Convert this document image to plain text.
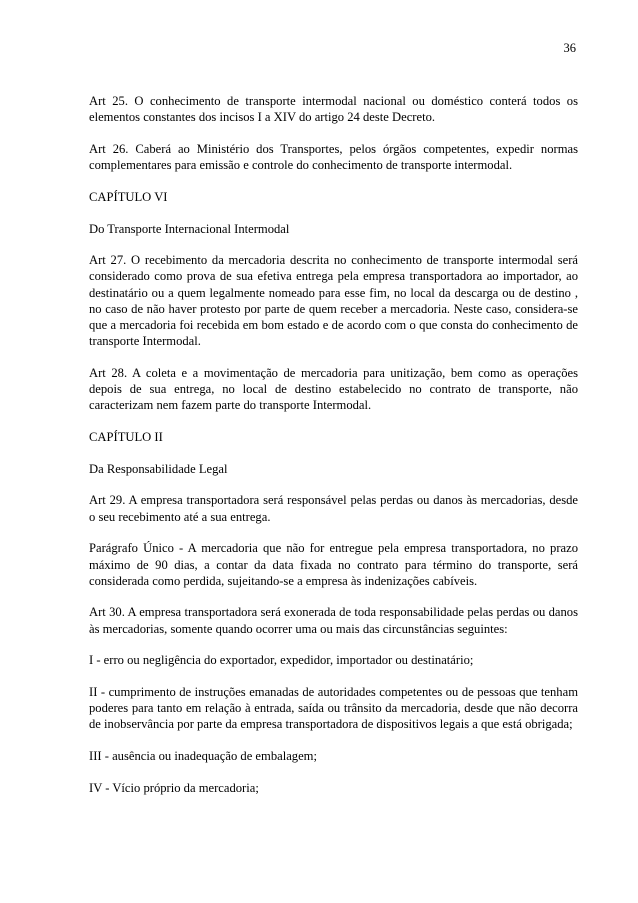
36

Art 25. O conhecimento de transporte intermodal nacional ou doméstico conterá todos os elementos constantes dos incisos I a XIV do artigo 24 deste Decreto.

Art 26. Caberá ao Ministério dos Transportes, pelos órgãos competentes, expedir normas complementares para emissão e controle do conhecimento de transporte intermodal.

CAPÍTULO VI

Do Transporte Internacional Intermodal

Art 27. O recebimento da mercadoria descrita no conhecimento de transporte intermodal será considerado como prova de sua efetiva entrega pela empresa transportadora ao importador, ao destinatário ou a quem legalmente nomeado para esse fim, no local da descarga ou de destino , no caso de não haver protesto por parte de quem receber a mercadoria. Neste caso, considera-se que a mercadoria foi recebida em bom estado e de acordo com o que consta do conhecimento de transporte Intermodal.

Art 28. A coleta e a movimentação de mercadoria para unitização, bem como as operações depois de sua entrega, no local de destino estabelecido no contrato de transporte, não caracterizam nem fazem parte do transporte Intermodal.

CAPÍTULO II

Da Responsabilidade Legal

Art 29. A empresa transportadora será responsável pelas perdas ou danos às mercadorias, desde o seu recebimento até a sua entrega.

Parágrafo Único - A mercadoria que não for entregue pela empresa transportadora, no prazo máximo de 90 dias, a contar da data fixada no contrato para término do transporte, será considerada como perdida, sujeitando-se a empresa às indenizações cabíveis.

Art 30. A empresa transportadora será exonerada de toda responsabilidade pelas perdas ou danos às mercadorias, somente quando ocorrer uma ou mais das circunstâncias seguintes:

I - erro ou negligência do exportador, expedidor, importador ou destinatário;

II - cumprimento de instruções emanadas de autoridades competentes ou de pessoas que tenham poderes para tanto em relação à entrada, saída ou trânsito da mercadoria, desde que não decorra de inobservância por parte da empresa transportadora de dispositivos legais a que está obrigada;

III - ausência ou inadequação de embalagem;

IV - Vício próprio da mercadoria;
